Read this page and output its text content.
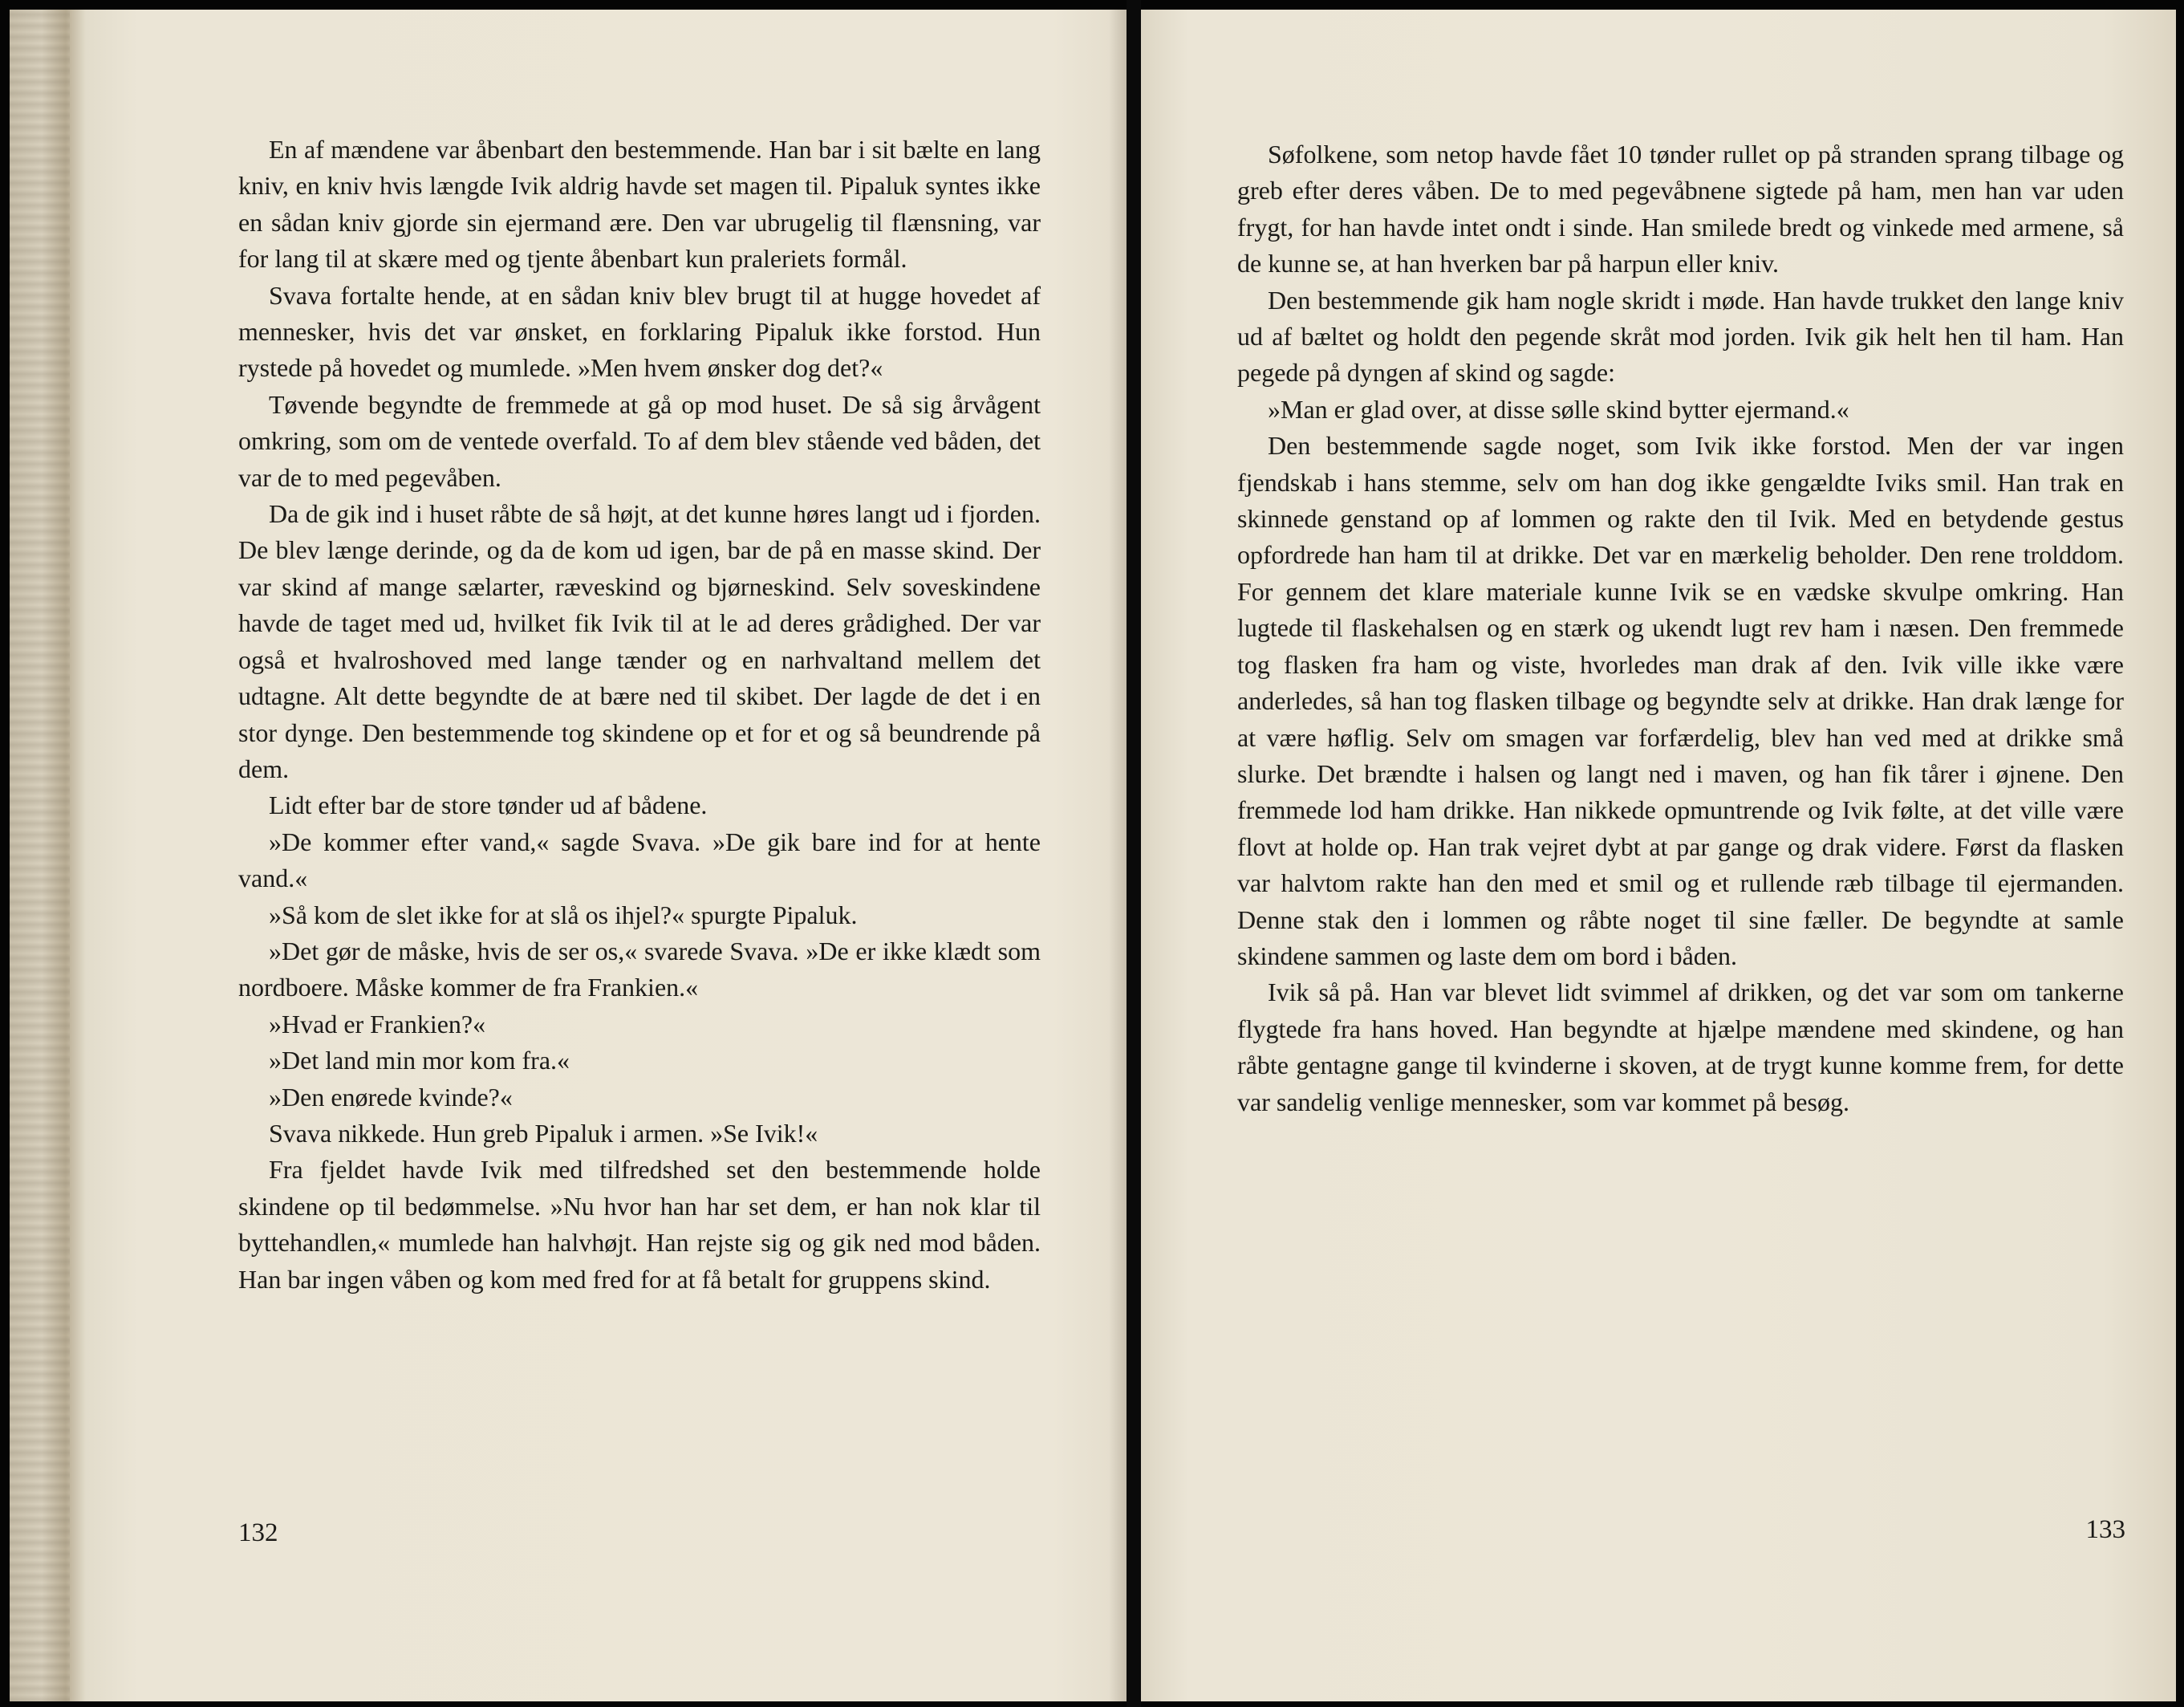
En af mændene var åbenbart den bestemmende. Han bar i sit bælte en lang kniv, en kniv hvis længde Ivik aldrig havde set magen til. Pipaluk syntes ikke en sådan kniv gjorde sin ejermand ære. Den var ubrugelig til flænsning, var for lang til at skære med og tjente åbenbart kun praleriets formål.

Svava fortalte hende, at en sådan kniv blev brugt til at hugge hovedet af mennesker, hvis det var ønsket, en forklaring Pipaluk ikke forstod. Hun rystede på hovedet og mumlede. »Men hvem ønsker dog det?«

Tøvende begyndte de fremmede at gå op mod huset. De så sig årvågent omkring, som om de ventede overfald. To af dem blev stående ved båden, det var de to med pegevåben.

Da de gik ind i huset råbte de så højt, at det kunne høres langt ud i fjorden. De blev længe derinde, og da de kom ud igen, bar de på en masse skind. Der var skind af mange sælarter, ræveskind og bjørneskind. Selv soveskindene havde de taget med ud, hvilket fik Ivik til at le ad deres grådighed. Der var også et hvalroshoved med lange tænder og en narhvaltand mellem det udtagne. Alt dette begyndte de at bære ned til skibet. Der lagde de det i en stor dynge. Den bestemmende tog skindene op et for et og så beundrende på dem.

Lidt efter bar de store tønder ud af bådene.

»De kommer efter vand,« sagde Svava. »De gik bare ind for at hente vand.«

»Så kom de slet ikke for at slå os ihjel?« spurgte Pipaluk.

»Det gør de måske, hvis de ser os,« svarede Svava. »De er ikke klædt som nordboere. Måske kommer de fra Frankien.«

»Hvad er Frankien?«

»Det land min mor kom fra.«

»Den enørede kvinde?«

Svava nikkede. Hun greb Pipaluk i armen. »Se Ivik!«

Fra fjeldet havde Ivik med tilfredshed set den bestemmende holde skindene op til bedømmelse. »Nu hvor han har set dem, er han nok klar til byttehandlen,« mumlede han halvhøjt. Han rejste sig og gik ned mod båden. Han bar ingen våben og kom med fred for at få betalt for gruppens skind.

132

Søfolkene, som netop havde fået 10 tønder rullet op på stranden sprang tilbage og greb efter deres våben. De to med pegevåbnene sigtede på ham, men han var uden frygt, for han havde intet ondt i sinde. Han smilede bredt og vinkede med armene, så de kunne se, at han hverken bar på harpun eller kniv.

Den bestemmende gik ham nogle skridt i møde. Han havde trukket den lange kniv ud af bæltet og holdt den pegende skråt mod jorden. Ivik gik helt hen til ham. Han pegede på dyngen af skind og sagde:

»Man er glad over, at disse sølle skind bytter ejermand.«

Den bestemmende sagde noget, som Ivik ikke forstod. Men der var ingen fjendskab i hans stemme, selv om han dog ikke gengældte Iviks smil. Han trak en skinnede genstand op af lommen og rakte den til Ivik. Med en betydende gestus opfordrede han ham til at drikke. Det var en mærkelig beholder. Den rene trolddom. For gennem det klare materiale kunne Ivik se en vædske skvulpe omkring. Han lugtede til flaskehalsen og en stærk og ukendt lugt rev ham i næsen. Den fremmede tog flasken fra ham og viste, hvorledes man drak af den. Ivik ville ikke være anderledes, så han tog flasken tilbage og begyndte selv at drikke. Han drak længe for at være høflig. Selv om smagen var forfærdelig, blev han ved med at drikke små slurke. Det brændte i halsen og langt ned i maven, og han fik tårer i øjnene. Den fremmede lod ham drikke. Han nikkede opmuntrende og Ivik følte, at det ville være flovt at holde op. Han trak vejret dybt at par gange og drak videre. Først da flasken var halvtom rakte han den med et smil og et rullende ræb tilbage til ejermanden. Denne stak den i lommen og råbte noget til sine fæller. De begyndte at samle skindene sammen og laste dem om bord i båden.

Ivik så på. Han var blevet lidt svimmel af drikken, og det var som om tankerne flygtede fra hans hoved. Han begyndte at hjælpe mændene med skindene, og han råbte gentagne gange til kvinderne i skoven, at de trygt kunne komme frem, for dette var sandelig venlige mennesker, som var kommet på besøg.

133
